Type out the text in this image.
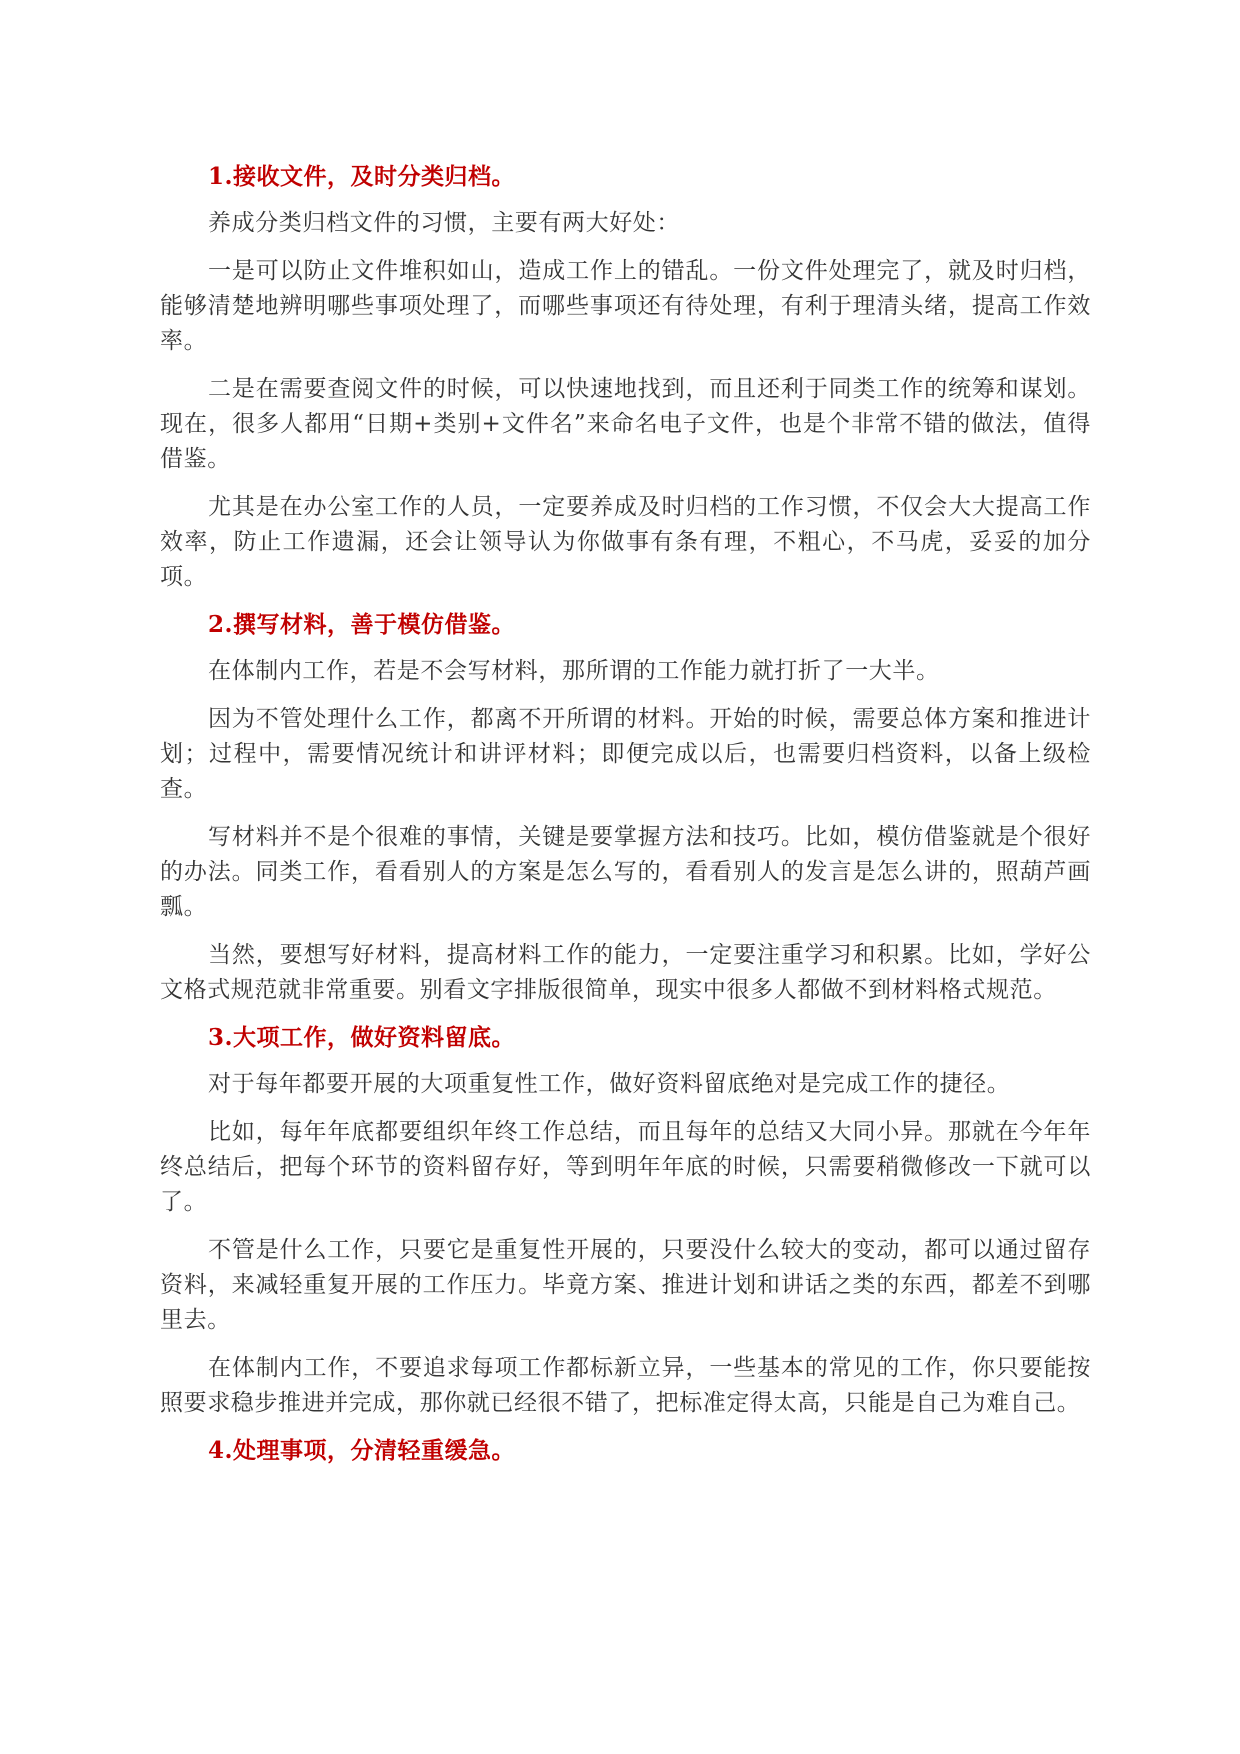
1.接收文件，及时分类归档。

养成分类归档文件的习惯，主要有两大好处：

一是可以防止文件堆积如山，造成工作上的错乱。一份文件处理完了，就及时归档，能够清楚地辨明哪些事项处理了，而哪些事项还有待处理，有利于理清头绪，提高工作效率。

二是在需要查阅文件的时候，可以快速地找到，而且还利于同类工作的统筹和谋划。现在，很多人都用“日期+类别+文件名”来命名电子文件，也是个非常不错的做法，值得借鉴。

尤其是在办公室工作的人员，一定要养成及时归档的工作习惯，不仅会大大提高工作效率，防止工作遗漏，还会让领导认为你做事有条有理，不粗心，不马虎，妥妥的加分项。

2.撰写材料，善于模仿借鉴。

在体制内工作，若是不会写材料，那所谓的工作能力就打折了一大半。

因为不管处理什么工作，都离不开所谓的材料。开始的时候，需要总体方案和推进计划；过程中，需要情况统计和讲评材料；即便完成以后，也需要归档资料，以备上级检查。

写材料并不是个很难的事情，关键是要掌握方法和技巧。比如，模仿借鉴就是个很好的办法。同类工作，看看别人的方案是怎么写的，看看别人的发言是怎么讲的，照葫芦画瓢。

当然，要想写好材料，提高材料工作的能力，一定要注重学习和积累。比如，学好公文格式规范就非常重要。别看文字排版很简单，现实中很多人都做不到材料格式规范。

3.大项工作，做好资料留底。

对于每年都要开展的大项重复性工作，做好资料留底绝对是完成工作的捷径。

比如，每年年底都要组织年终工作总结，而且每年的总结又大同小异。那就在今年年终总结后，把每个环节的资料留存好，等到明年年底的时候，只需要稍微修改一下就可以了。

不管是什么工作，只要它是重复性开展的，只要没什么较大的变动，都可以通过留存资料，来减轻重复开展的工作压力。毕竟方案、推进计划和讲话之类的东西，都差不到哪里去。

在体制内工作，不要追求每项工作都标新立异，一些基本的常见的工作，你只要能按照要求稳步推进并完成，那你就已经很不错了，把标准定得太高，只能是自己为难自己。

4.处理事项，分清轻重缓急。
